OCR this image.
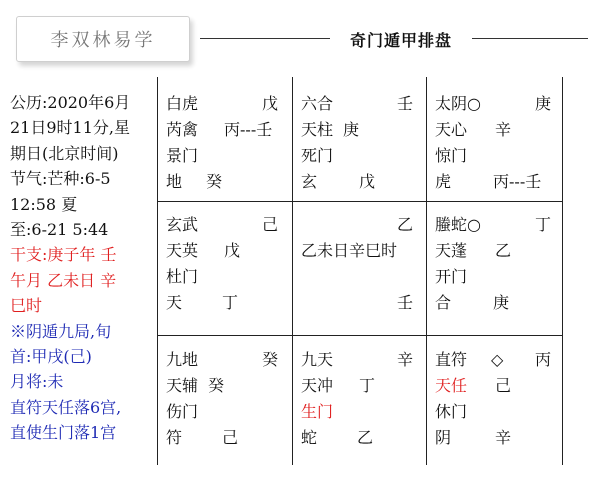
李双林易学	奇门遁甲排盘
公历:2020年6月
21日9时11分,星
期日(北京时间)
节气:芒种:6-5
12:58 夏
至:6-21 5:44
干支:庚子年 壬
午月 乙未日 辛
巳时
※阴遁九局,旬
首:甲戌(己)
月将:未
直符天任落6宫,
直使生门落1宫
白虎	戊
芮禽 丙---壬
景门
地 癸
六合	壬
天柱 庚
死门
玄	戊
太阴○	庚
天心 辛
惊门
虎	丙---壬
玄武	己
天英 戊
杜门
天 丁
乙
乙未日辛巳时
壬
螣蛇○	丁
天蓬 乙
开门
合	庚
九地	癸
天辅 癸
伤门
符 己
九天	辛
天冲 丁
生门
蛇 乙
直符 ◇ 丙
天任 己
休门
阴	辛
